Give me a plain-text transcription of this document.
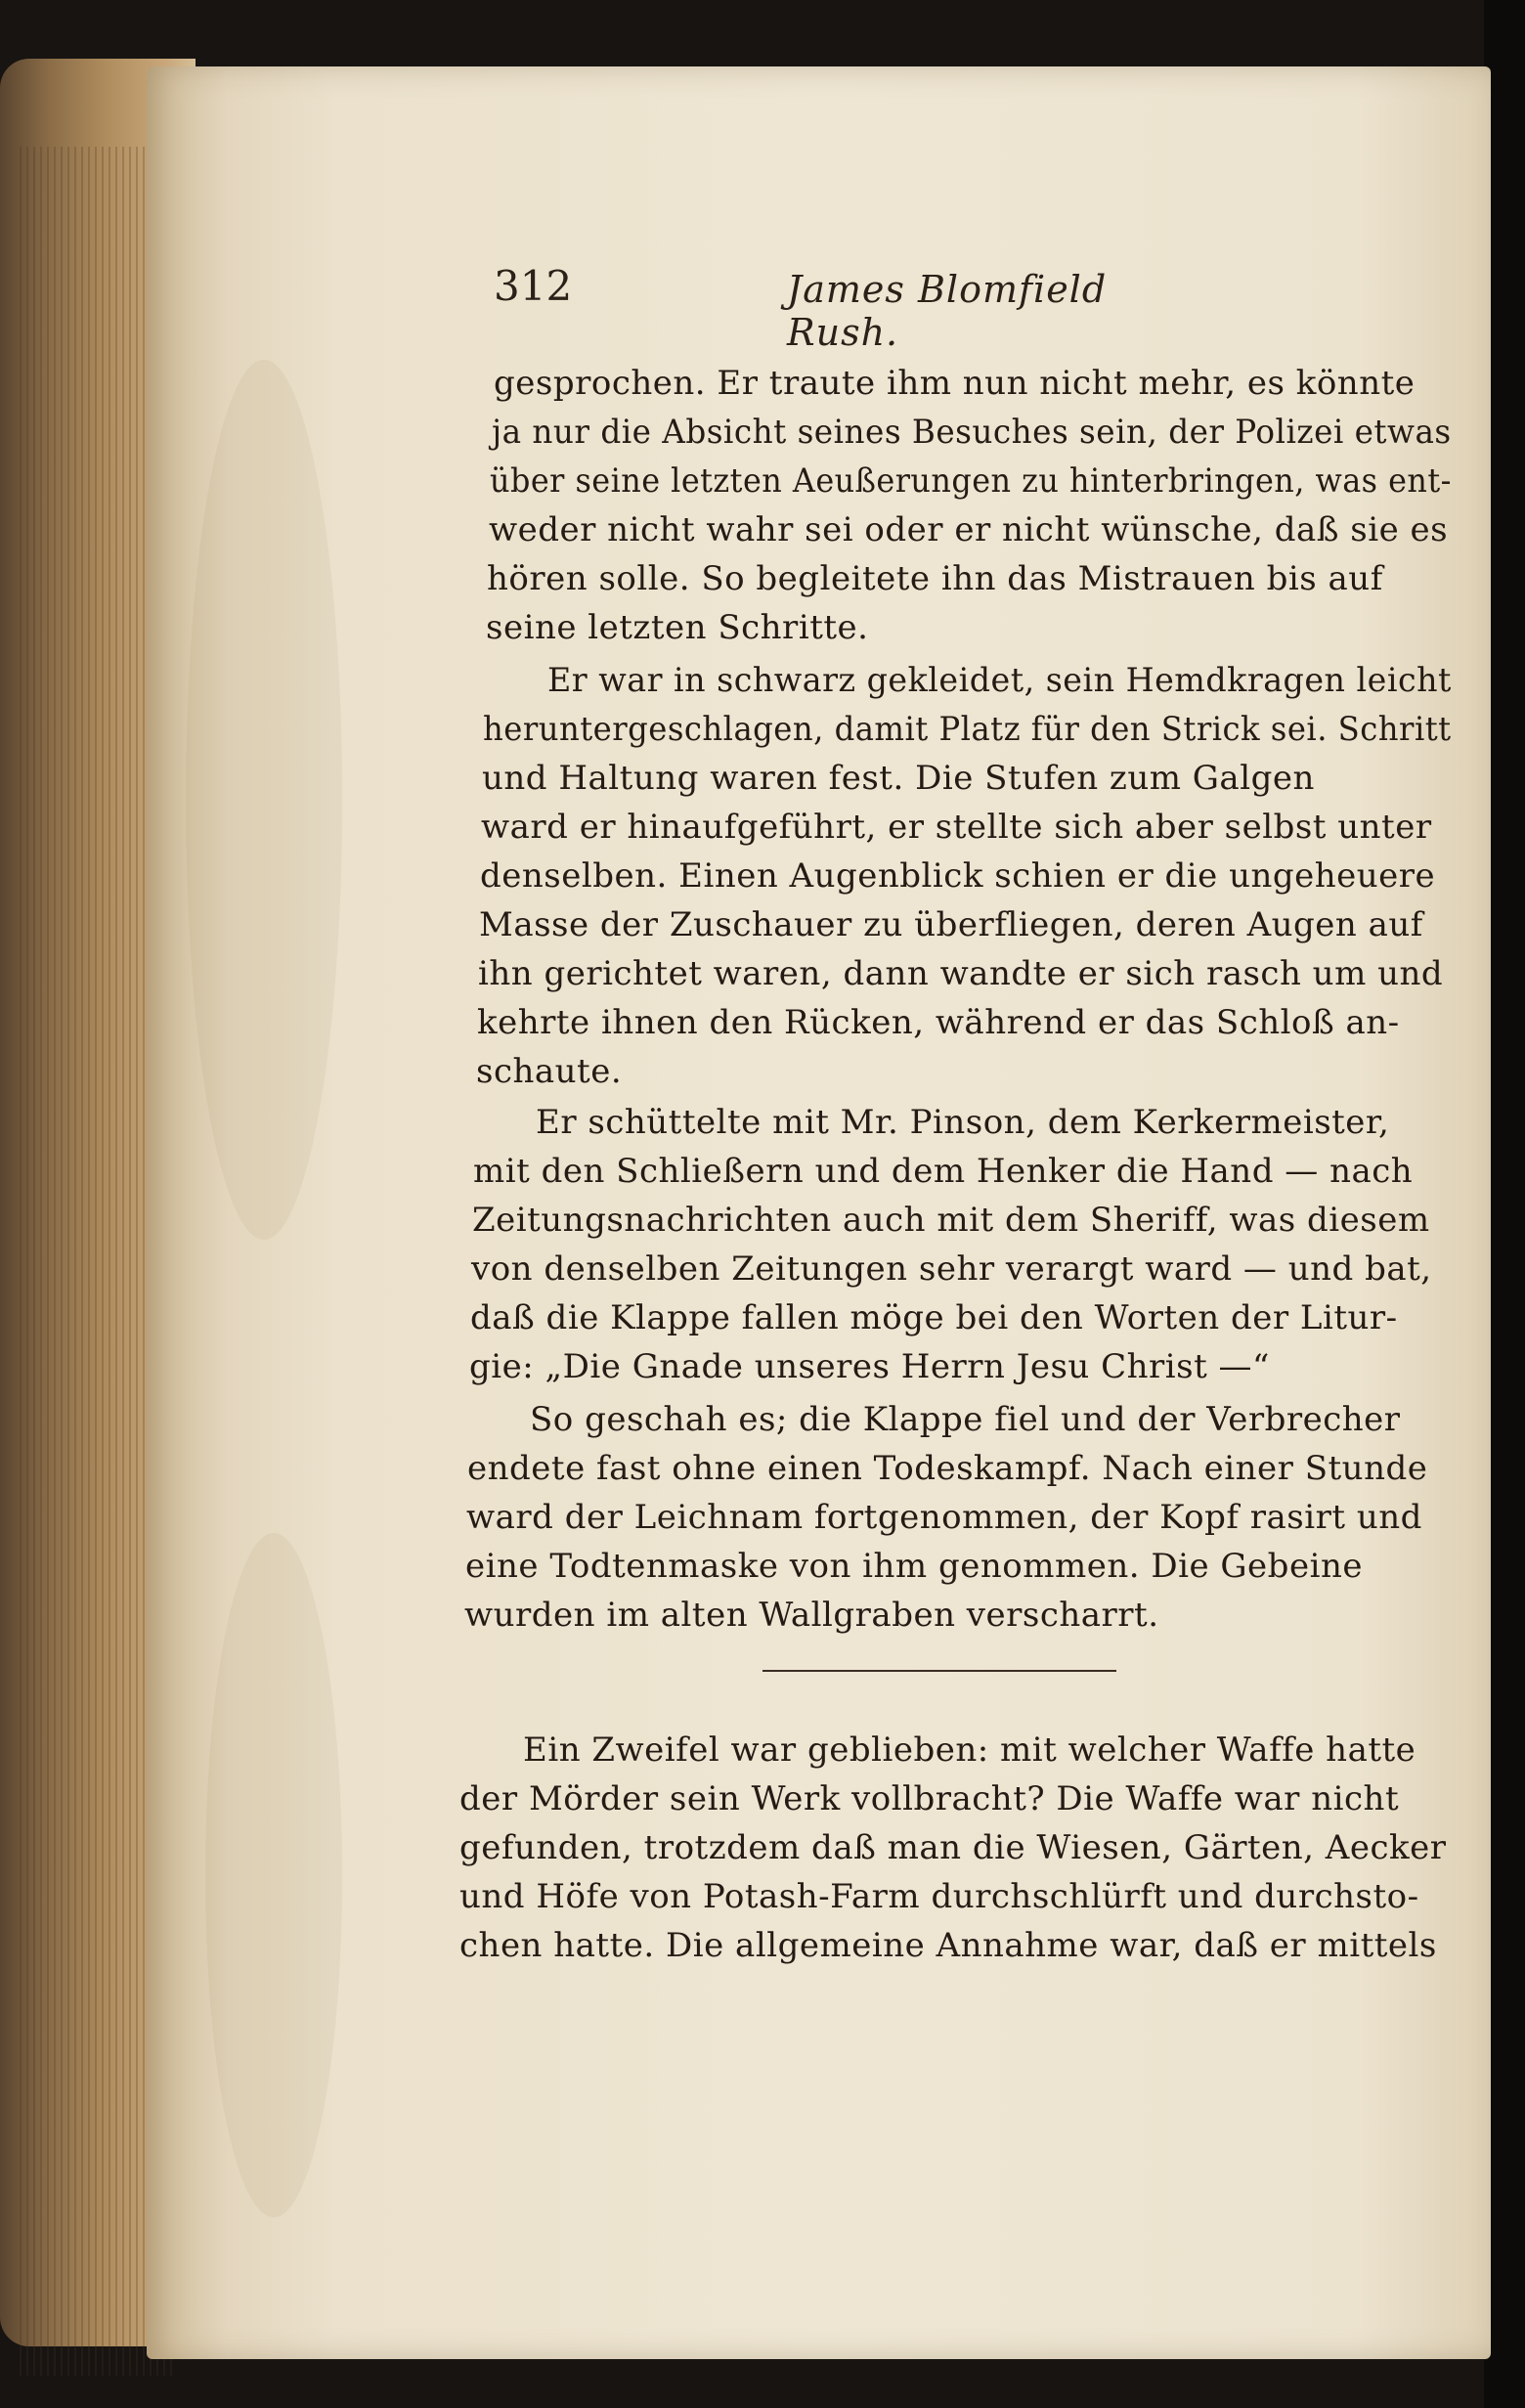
312	James Blomfield Rush.
gesprochen. Er traute ihm nun nicht mehr, es könnte
ja nur die Absicht seines Besuches sein, der Polizei etwas
über seine letzten Aeußerungen zu hinterbringen, was ent-
weder nicht wahr sei oder er nicht wünsche, daß sie es
hören solle. So begleitete ihn das Mistrauen bis auf
seine letzten Schritte.
Er war in schwarz gekleidet, sein Hemdkragen leicht
heruntergeschlagen, damit Platz für den Strick sei. Schritt
und Haltung waren fest. Die Stufen zum Galgen
ward er hinaufgeführt, er stellte sich aber selbst unter
denselben. Einen Augenblick schien er die ungeheuere
Masse der Zuschauer zu überfliegen, deren Augen auf
ihn gerichtet waren, dann wandte er sich rasch um und
kehrte ihnen den Rücken, während er das Schloß an-
schaute.
Er schüttelte mit Mr. Pinson, dem Kerkermeister,
mit den Schließern und dem Henker die Hand — nach
Zeitungsnachrichten auch mit dem Sheriff, was diesem
von denselben Zeitungen sehr verargt ward — und bat,
daß die Klappe fallen möge bei den Worten der Litur-
gie: „Die Gnade unseres Herrn Jesu Christ —“
So geschah es; die Klappe fiel und der Verbrecher
endete fast ohne einen Todeskampf. Nach einer Stunde
ward der Leichnam fortgenommen, der Kopf rasirt und
eine Todtenmaske von ihm genommen. Die Gebeine
wurden im alten Wallgraben verscharrt.
Ein Zweifel war geblieben: mit welcher Waffe hatte
der Mörder sein Werk vollbracht? Die Waffe war nicht
gefunden, trotzdem daß man die Wiesen, Gärten, Aecker
und Höfe von Potash-Farm durchschlürft und durchsto-
chen hatte. Die allgemeine Annahme war, daß er mittels
